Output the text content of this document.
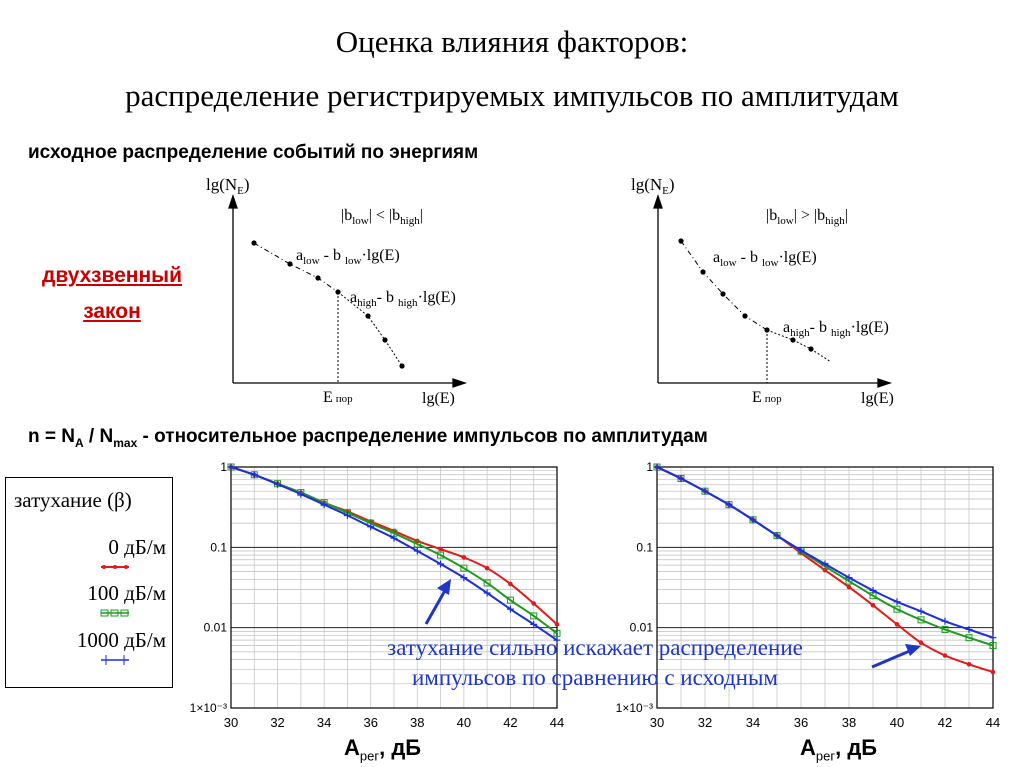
Оценка влияния факторов:
распределение регистрируемых импульсов по амплитудам
исходное распределение событий по энергиям
двухзвенный
закон
$\lg(N_E)$
$|b_{low}| < |b_{high}|$
$a_{low}$ - b $_{low}$·lg(E)
$a_{high}-$ b $_{high}$·lg(E)
E пор	lg(E)
$\lg(N_E)$
$|b_{low}| > |b_{high}|$
$a_{low}$ - b $_{low}$·lg(E)
$a_{high}-$ b $_{high}$·lg(E)
E пор	lg(E)
$n = N_A / N_{max}$ - относительное распределение импульсов по амплитудам
затухание (β)
0 дБ/м
100 дБ/м
1000 дБ/м
1
0.1
0.01
1×10⁻³
30 32 34 36 38 40 42 44
1
0.1
0.01
1×10⁻³
30	32	34	36	38	40	42	44
затухание сильно искажает распределение
импульсов по сравнению с исходным
$A_{рег}$, дБ	$A_{рег}$, дБ
